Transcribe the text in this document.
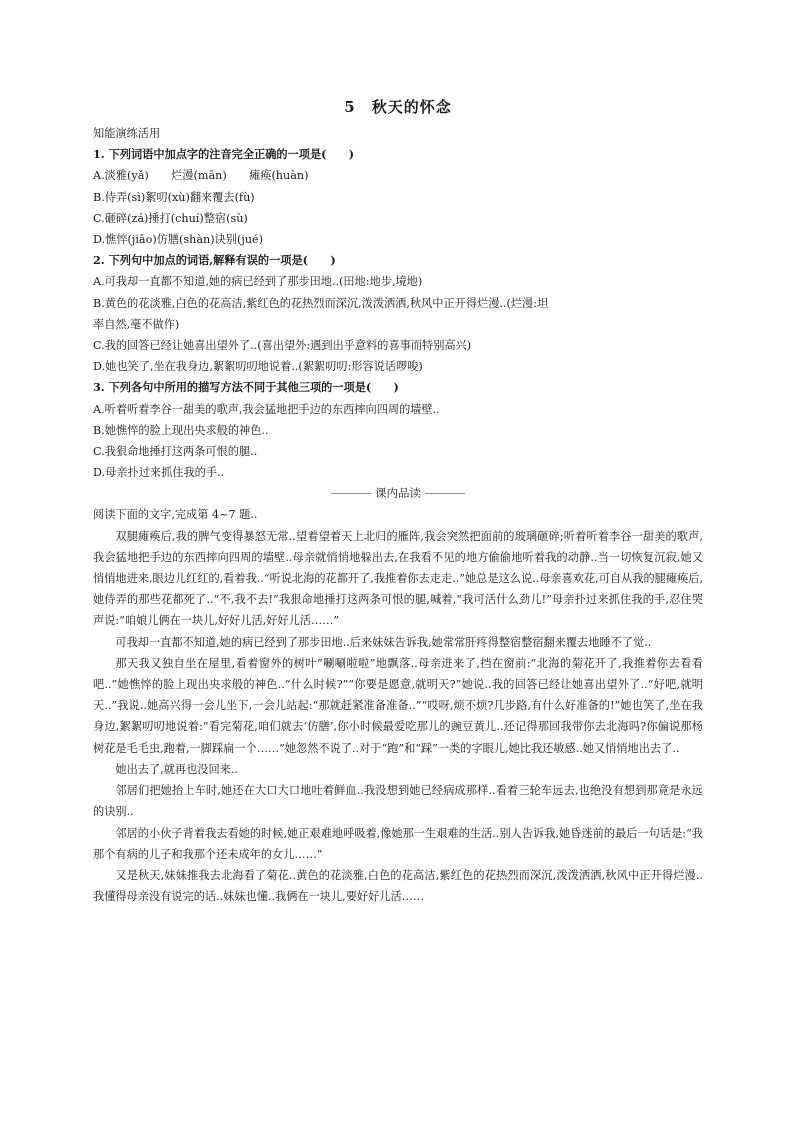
5　秋天的怀念
知能演练活用
1. 下列词语中加点字的注音完全正确的一项是(　　)
A.淡雅(yǎ)　　烂漫(mān)　　瘫痪(huàn)
B.侍弄(sì)絮叨(xù)翻来覆去(fù)
C.砸碎(zá)捶打(chuí)整宿(sù)
D.憔悴(jiāo)仿膳(shàn)诀别(jué)
2. 下列句中加点的词语,解释有误的一项是(　　)
A.可我却一直都不知道,她的病已经到了那步田地..(田地:地步,境地)
B.黄色的花淡雅,白色的花高洁,紫红色的花热烈而深沉,泼泼洒洒,秋风中正开得烂漫..(烂漫:坦
率自然,毫不做作)
C.我的回答已经让她喜出望外了..(喜出望外:遇到出乎意料的喜事而特别高兴)
D.她也笑了,坐在我身边,絮絮叨叨地说着..(絮絮叨叨:形容说话啰唆)
3. 下列各句中所用的描写方法不同于其他三项的一项是(　　)
A.听着听着李谷一甜美的歌声,我会猛地把手边的东西摔向四周的墙壁..
B.她憔悴的脸上现出央求般的神色..
C.我狠命地捶打这两条可恨的腿..
D.母亲扑过来抓住我的手..
课内品读

阅读下面的文字,完成第 4~7 题..

双腿瘫痪后,我的脾气变得暴怒无常..望着望着天上北归的雁阵,我会突然把面前的玻璃砸碎;听着听着李谷一甜美的歌声,我会猛地把手边的东西摔向四周的墙壁..母亲就悄悄地躲出去,在我看不见的地方偷偷地听着我的动静..当一切恢复沉寂,她又悄悄地进来,眼边儿红红的,看着我..“听说北海的花都开了,我推着你去走走..”她总是这么说..母亲喜欢花,可自从我的腿瘫痪后,她侍弄的那些花都死了..“不,我不去!”我狠命地捶打这两条可恨的腿,喊着,“我可活什么劲儿!”母亲扑过来抓住我的手,忍住哭声说:“咱娘儿俩在一块儿,好好儿活,好好儿活……”

可我却一直都不知道,她的病已经到了那步田地..后来妹妹告诉我,她常常肝疼得整宿整宿翻来覆去地睡不了觉..

那天我又独自坐在屋里,看着窗外的树叶“唰唰啦啦”地飘落..母亲进来了,挡在窗前:“北海的菊花开了,我推着你去看看吧..”她憔悴的脸上现出央求般的神色..“什么时候?”“你要是愿意,就明天?”她说..我的回答已经让她喜出望外了..“好吧,就明天..”我说..她高兴得一会儿坐下,一会儿站起:“那就赶紧准备准备..”“哎呀,烦不烦?几步路,有什么好准备的!”她也笑了,坐在我身边,絮絮叨叨地说着:“看完菊花,咱们就去‘仿膳’,你小时候最爱吃那儿的豌豆黄儿..还记得那回我带你去北海吗?你偏说那杨树花是毛毛虫,跑着,一脚踩扁一个……”她忽然不说了..对于“跑”和“踩”一类的字眼儿,她比我还敏感..她又悄悄地出去了..

她出去了,就再也没回来..

邻居们把她抬上车时,她还在大口大口地吐着鲜血..我没想到她已经病成那样..看着三轮车远去,也绝没有想到那竟是永远的诀别..

邻居的小伙子背着我去看她的时候,她正艰难地呼吸着,像她那一生艰难的生活..别人告诉我,她昏迷前的最后一句话是:“我那个有病的儿子和我那个还未成年的女儿……”

又是秋天,妹妹推我去北海看了菊花..黄色的花淡雅,白色的花高洁,紫红色的花热烈而深沉,泼泼洒洒,秋风中正开得烂漫..我懂得母亲没有说完的话..妹妹也懂..我俩在一块儿,要好好儿活……
